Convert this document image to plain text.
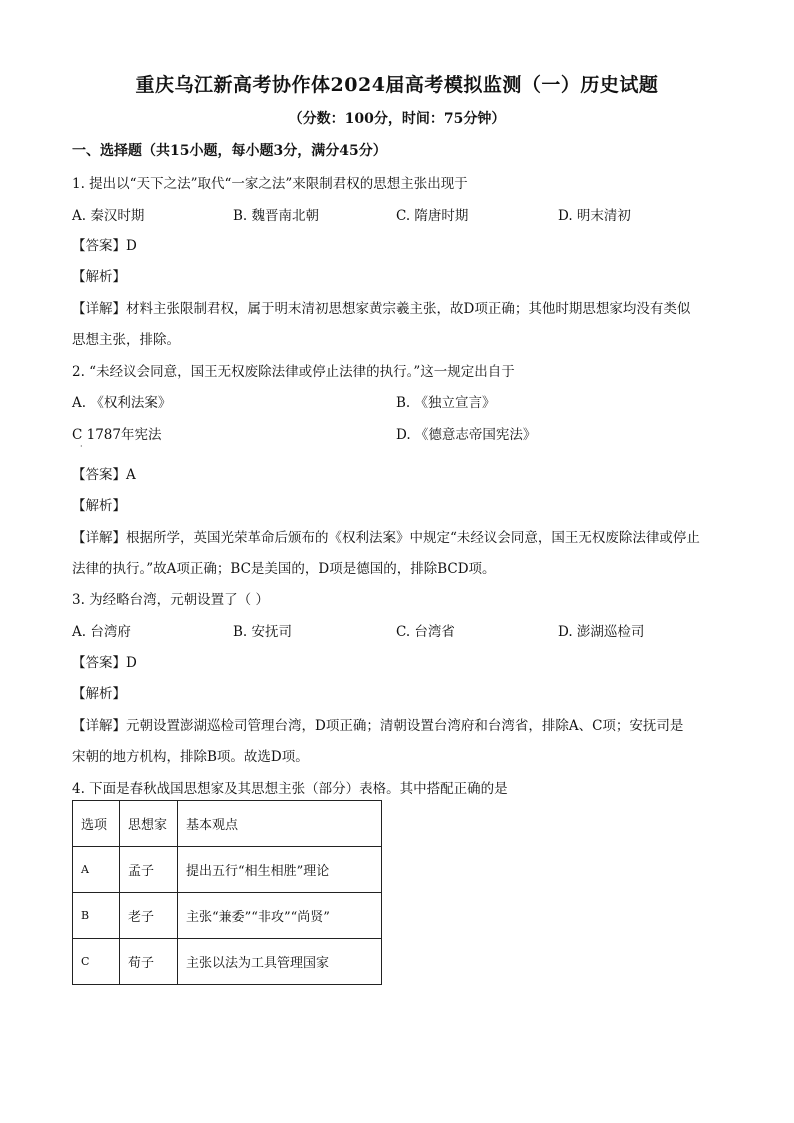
重庆乌江新高考协作体2024届高考模拟监测（一）历史试题
（分数：100分，时间：75分钟）
一、选择题（共15小题，每小题3分，满分45分）
1. 提出以“天下之法”取代“一家之法”来限制君权的思想主张出现于
A. 秦汉时期	B. 魏晋南北朝	C. 隋唐时期	D. 明末清初
【答案】D
【解析】
【详解】材料主张限制君权，属于明末清初思想家黄宗羲主张，故D项正确；其他时期思想家均没有类似
思想主张，排除。
2. “未经议会同意，国王无权废除法律或停止法律的执行。”这一规定出自于
A. 《权利法案》	B. 《独立宣言》
C 1787年宪法	D. 《德意志帝国宪法》
·
【答案】A
【解析】
【详解】根据所学，英国光荣革命后颁布的《权利法案》中规定“未经议会同意，国王无权废除法律或停止
法律的执行。”故A项正确；BC是美国的，D项是德国的，排除BCD项。
3. 为经略台湾，元朝设置了（ ）
A. 台湾府	B. 安抚司	C. 台湾省	D. 澎湖巡检司
【答案】D
【解析】
【详解】元朝设置澎湖巡检司管理台湾，D项正确；清朝设置台湾府和台湾省，排除A、C项；安抚司是
宋朝的地方机构，排除B项。故选D项。
4. 下面是春秋战国思想家及其思想主张（部分）表格。其中搭配正确的是
选项	思想家	基本观点
A	孟子	提出五行“相生相胜”理论
B	老子	主张“兼委”“非攻”“尚贤”
C	荀子	主张以法为工具管理国家
